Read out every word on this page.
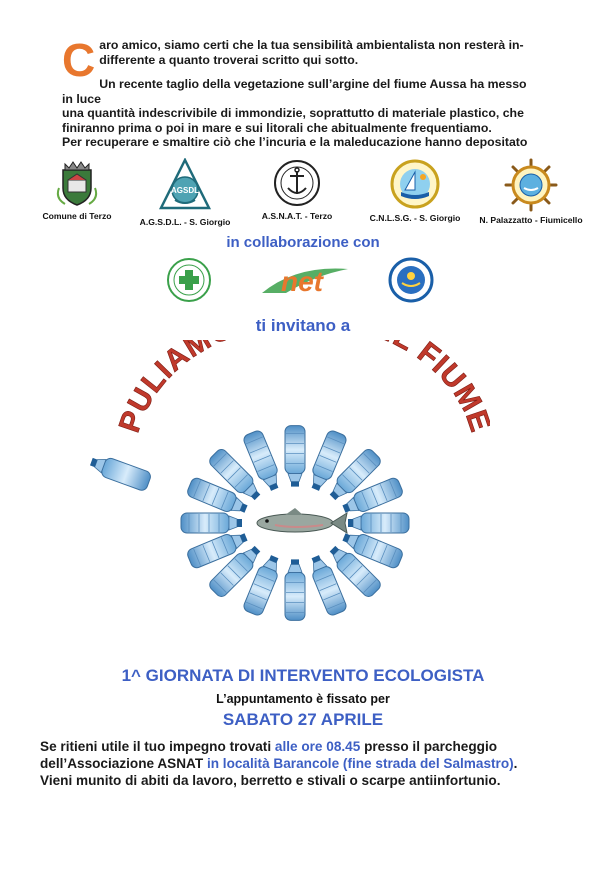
C aro amico, siamo certi che la tua sensibilità ambientalista non resterà in-
differente a quanto troverai scritto qui sotto.

Un recente taglio della vegetazione sull’argine del fiume Aussa ha messo in luce
una quantità indescrivibile di immondizie, soprattutto di materiale plastico, che
finiranno prima o poi in mare e sui litorali che abitualmente frequentiamo.
Per recuperare e smaltire ciò che l’incuria e la maleducazione hanno depositato

Comune di Terzo
AGSDL
A.G.S.D.L. - S. Giorgio
A.S.N.A.T. - Terzo	C.N.L.S.G. - S. Giorgio	N. Palazzatto - Fiumicello
in collaborazione con
net
ti invitano a
PULIAM FIUM
1^ GIORNATA DI INTERVENTO ECOLOGISTA
L’appuntamento è fissato per
SABATO 27 APRILE

Se ritieni utile il tuo impegno trovati alle ore 08.45 presso il parcheggio

dell’Associazione ASNAT in località Barancole (fine strada del Salmastro).

Vieni munito di abiti da lavoro, berretto e stivali o scarpe antiinfortunio.
